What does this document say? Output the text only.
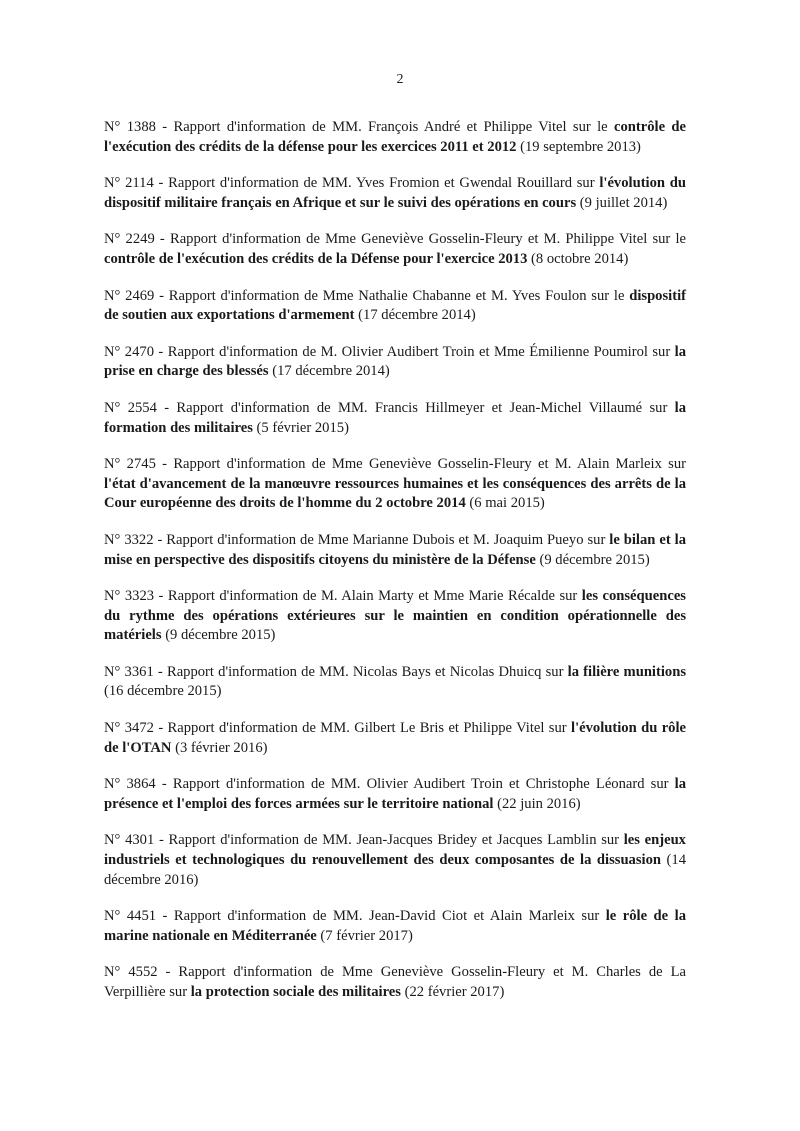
2

N° 1388 - Rapport d'information de MM. François André et Philippe Vitel sur le contrôle de l'exécution des crédits de la défense pour les exercices 2011 et 2012 (19 septembre 2013)

N° 2114 - Rapport d'information de MM. Yves Fromion et Gwendal Rouillard sur l'évolution du dispositif militaire français en Afrique et sur le suivi des opérations en cours (9 juillet 2014)

N° 2249 - Rapport d'information de Mme Geneviève Gosselin-Fleury et M. Philippe Vitel sur le contrôle de l'exécution des crédits de la Défense pour l'exercice 2013 (8 octobre 2014)

N° 2469 - Rapport d'information de Mme Nathalie Chabanne et M. Yves Foulon sur le dispositif de soutien aux exportations d'armement (17 décembre 2014)

N° 2470 - Rapport d'information de M. Olivier Audibert Troin et Mme Émilienne Poumirol sur la prise en charge des blessés (17 décembre 2014)

N° 2554 - Rapport d'information de MM. Francis Hillmeyer et Jean-Michel Villaumé sur la formation des militaires (5 février 2015)

N° 2745 - Rapport d'information de Mme Geneviève Gosselin-Fleury et M. Alain Marleix sur l'état d'avancement de la manœuvre ressources humaines et les conséquences des arrêts de la Cour européenne des droits de l'homme du 2 octobre 2014 (6 mai 2015)

N° 3322 - Rapport d'information de Mme Marianne Dubois et M. Joaquim Pueyo sur le bilan et la mise en perspective des dispositifs citoyens du ministère de la Défense (9 décembre 2015)

N° 3323 - Rapport d'information de M. Alain Marty et Mme Marie Récalde sur les conséquences du rythme des opérations extérieures sur le maintien en condition opérationnelle des matériels (9 décembre 2015)

N° 3361 - Rapport d'information de MM. Nicolas Bays et Nicolas Dhuicq sur la filière munitions (16 décembre 2015)

N° 3472 - Rapport d'information de MM. Gilbert Le Bris et Philippe Vitel sur l'évolution du rôle de l'OTAN (3 février 2016)

N° 3864 - Rapport d'information de MM. Olivier Audibert Troin et Christophe Léonard sur la présence et l'emploi des forces armées sur le territoire national (22 juin 2016)

N° 4301 - Rapport d'information de MM. Jean-Jacques Bridey et Jacques Lamblin sur les enjeux industriels et technologiques du renouvellement des deux composantes de la dissuasion (14 décembre 2016)

N° 4451 - Rapport d'information de MM. Jean-David Ciot et Alain Marleix sur le rôle de la marine nationale en Méditerranée (7 février 2017)

N° 4552 - Rapport d'information de Mme Geneviève Gosselin-Fleury et M. Charles de La Verpillière sur la protection sociale des militaires (22 février 2017)
